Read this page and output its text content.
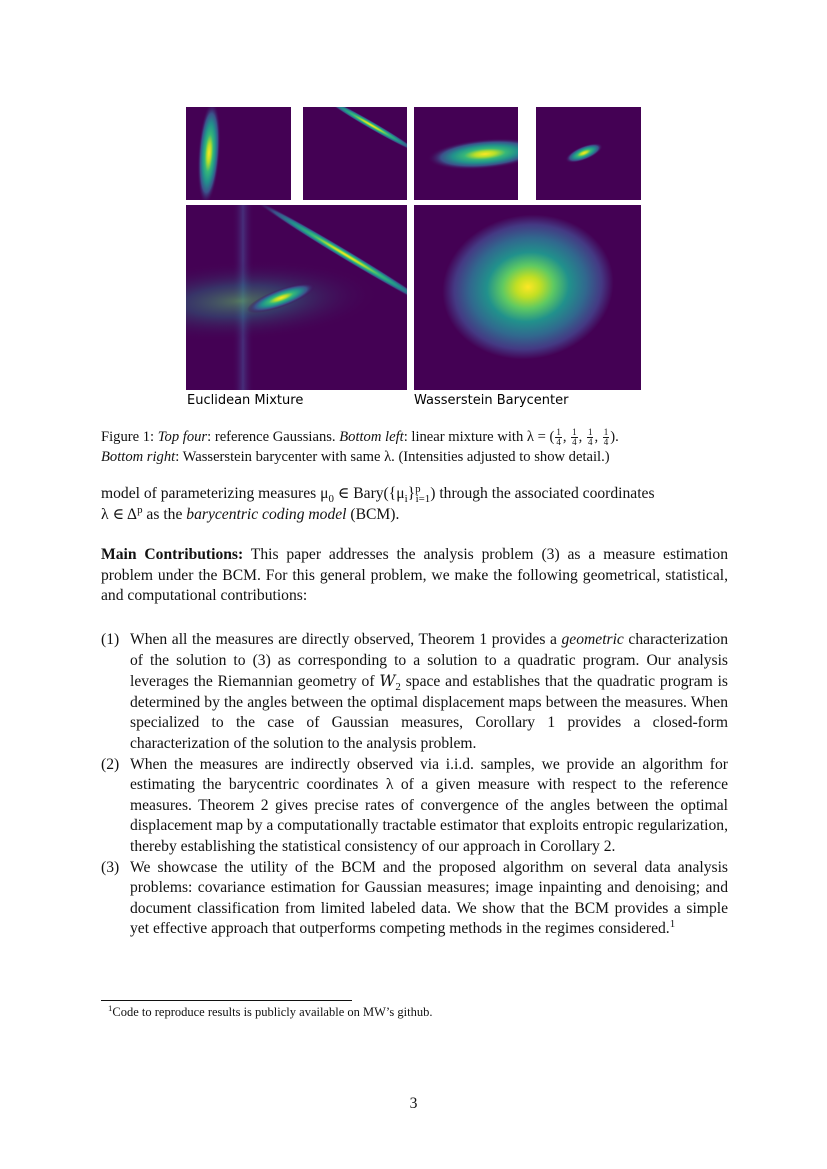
Euclidean Mixture	Wasserstein Barycenter
Figure 1: Top four: reference Gaussians. Bottom left: linear mixture with λ = ( $\frac{1}{4}$ , $\frac{1}{4}$ , $\frac{1}{4}$ , $\frac{1}{4}$ ).
Bottom right: Wasserstein barycenter with same λ. (Intensities adjusted to show detail.)
model of parameterizing measures $\mu_0$ ∈ $Bary(\{\mu_i\}^p_{i=1})$ through the associated coordinates
λ ∈ $\Delta^p$ as the barycentric coding model (BCM).
Main Contributions: This paper addresses the analysis problem (3) as a measure estimation problem under the BCM. For this general problem, we make the following geometrical, statistical, and computational contributions:
(1) When all the measures are directly observed, Theorem 1 provides a geometric characterization of the solution to (3) as corresponding to a solution to a quadratic program. Our analysis leverages the Riemannian geometry of $W_2$ space and establishes that the quadratic program is determined by the angles between the optimal displacement maps between the measures. When specialized to the case of Gaussian measures, Corollary 1 provides a closed-form characterization of the solution to the analysis problem.
(2) When the measures are indirectly observed via i.i.d. samples, we provide an algorithm for estimating the barycentric coordinates λ of a given measure with respect to the reference measures. Theorem 2 gives precise rates of convergence of the angles between the optimal displacement map by a computationally tractable estimator that exploits entropic regularization, thereby establishing the statistical consistency of our approach in Corollary 2.
(3) We showcase the utility of the BCM and the proposed algorithm on several data analysis problems: covariance estimation for Gaussian measures; image inpainting and denoising; and document classification from limited labeled data. We show that the BCM provides a simple yet effective approach that outperforms competing methods in the regimes considered.$^1$
$^1$Code to reproduce results is publicly available on MW’s github.
3
